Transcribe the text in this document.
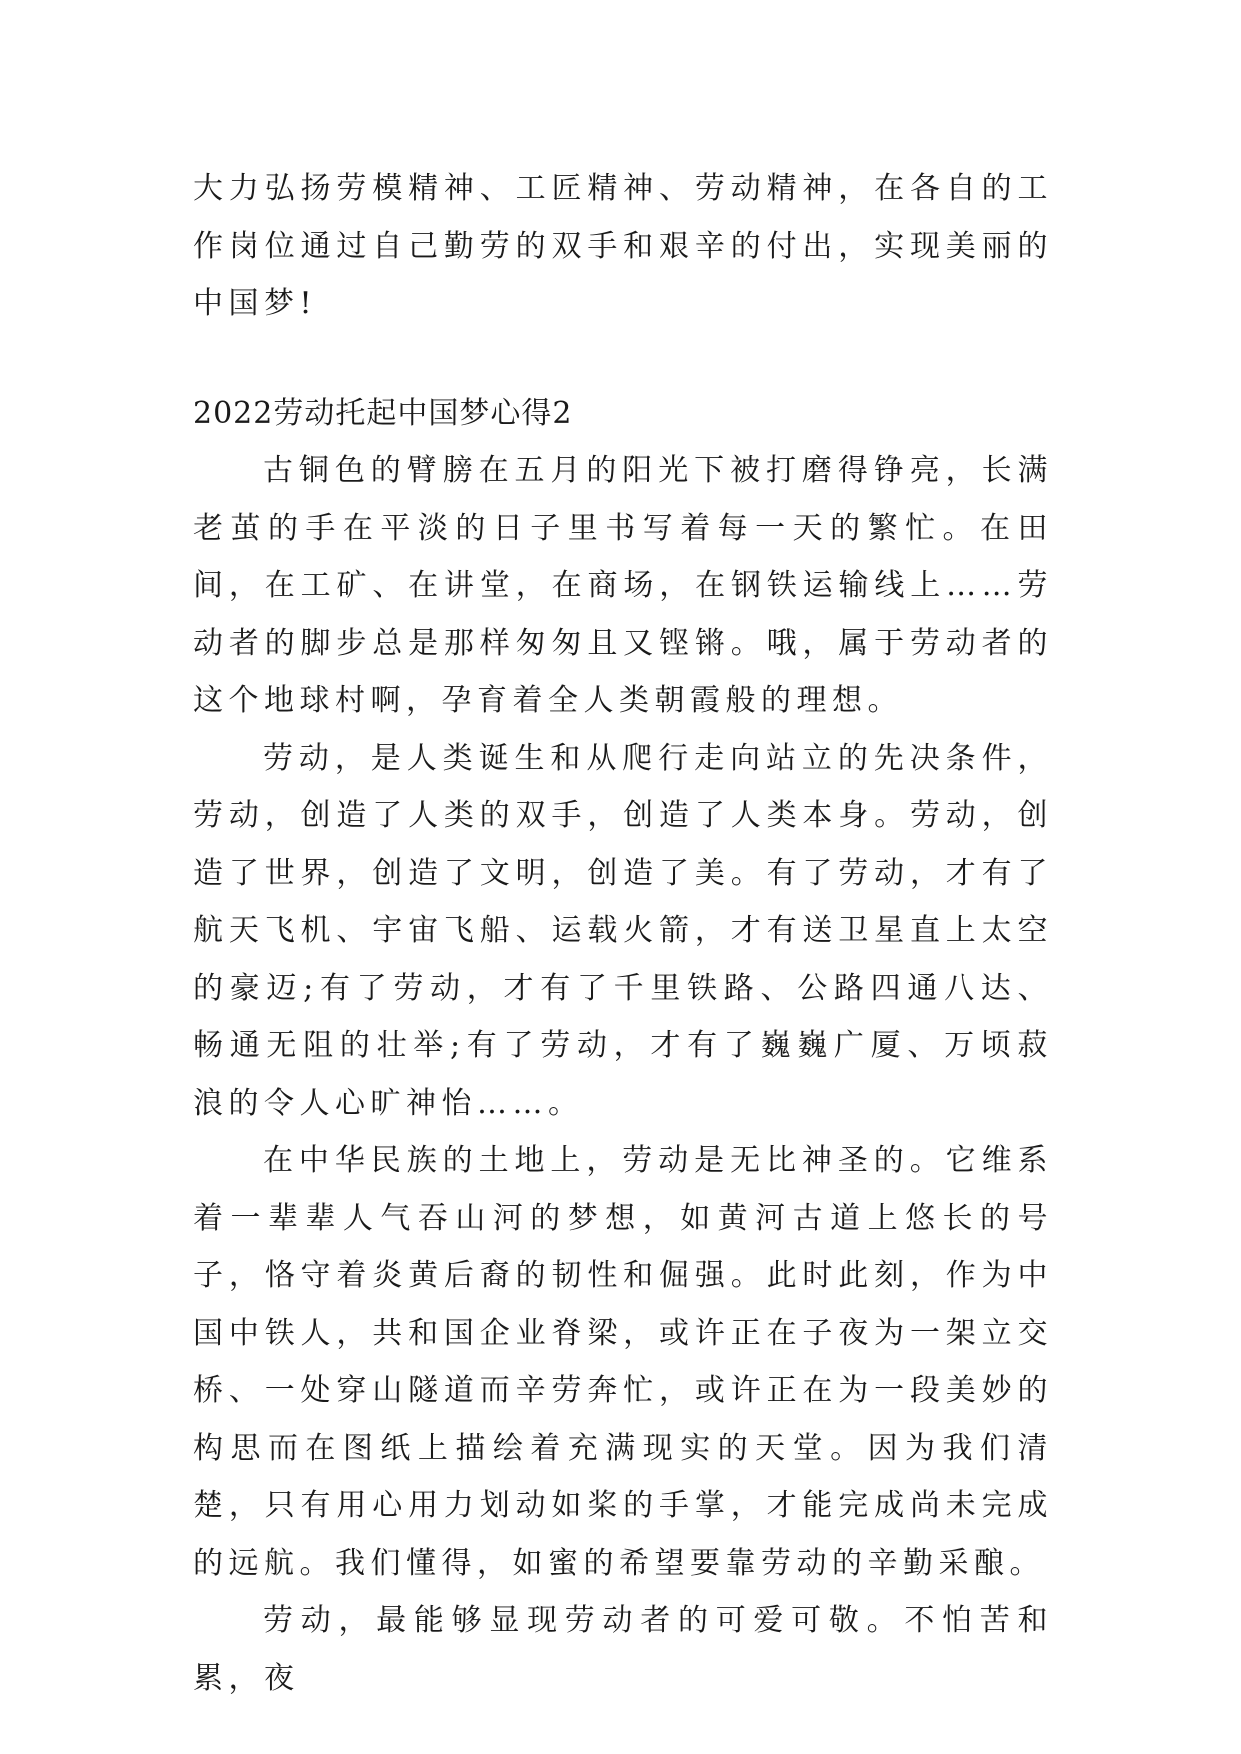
大力弘扬劳模精神、工匠精神、劳动精神，在各自的工作岗位通过自己勤劳的双手和艰辛的付出，实现美丽的中国梦!

2022劳动托起中国梦心得2

古铜色的臂膀在五月的阳光下被打磨得铮亮，长满老茧的手在平淡的日子里书写着每一天的繁忙。在田间，在工矿、在讲堂，在商场，在钢铁运输线上……劳动者的脚步总是那样匆匆且又铿锵。哦，属于劳动者的这个地球村啊，孕育着全人类朝霞般的理想。

劳动，是人类诞生和从爬行走向站立的先决条件，劳动，创造了人类的双手，创造了人类本身。劳动，创造了世界，创造了文明，创造了美。有了劳动，才有了航天飞机、宇宙飞船、运载火箭，才有送卫星直上太空的豪迈;有了劳动，才有了千里铁路、公路四通八达、畅通无阻的壮举;有了劳动，才有了巍巍广厦、万顷菽浪的令人心旷神怡……。

在中华民族的土地上，劳动是无比神圣的。它维系着一辈辈人气吞山河的梦想，如黄河古道上悠长的号子，恪守着炎黄后裔的韧性和倔强。此时此刻，作为中国中铁人，共和国企业脊梁，或许正在子夜为一架立交桥、一处穿山隧道而辛劳奔忙，或许正在为一段美妙的构思而在图纸上描绘着充满现实的天堂。因为我们清楚，只有用心用力划动如桨的手掌，才能完成尚未完成的远航。我们懂得，如蜜的希望要靠劳动的辛勤采酿。

劳动，最能够显现劳动者的可爱可敬。不怕苦和累，夜
